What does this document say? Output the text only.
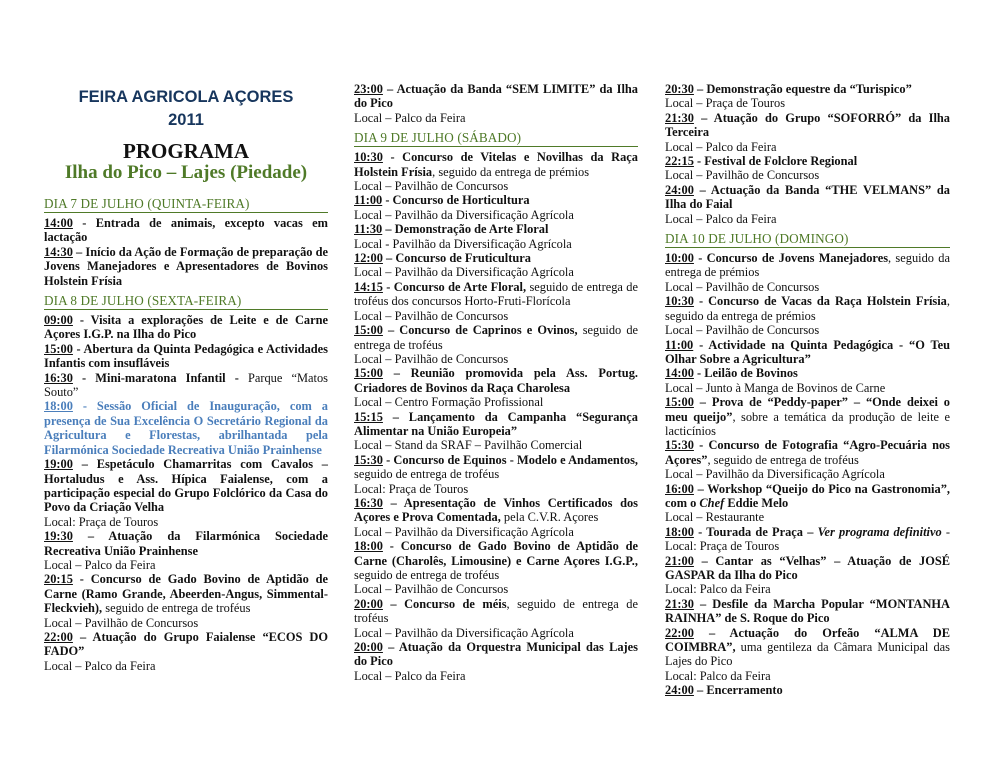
FEIRA AGRICOLA AÇORES
2011
PROGRAMA
Ilha do Pico – Lajes (Piedade)
DIA 7 DE JULHO (QUINTA-FEIRA)
14:00 - Entrada de animais, excepto vacas em lactação
14:30 – Início da Ação de Formação de preparação de Jovens Manejadores e Apresentadores de Bovinos Holstein Frísia
DIA 8 DE JULHO (SEXTA-FEIRA)
09:00 - Visita a explorações de Leite e de Carne Açores I.G.P. na Ilha do Pico
15:00 - Abertura da Quinta Pedagógica e Actividades Infantis com insufláveis
16:30 - Mini-maratona Infantil - Parque “Matos Souto”
18:00 - Sessão Oficial de Inauguração, com a presença de Sua Excelência O Secretário Regional da Agricultura e Florestas, abrilhantada pela Filarmónica Sociedade Recreativa União Prainhense
19:00 – Espetáculo Chamarritas com Cavalos – Hortaludus e Ass. Hípica Faialense, com a participação especial do Grupo Folclórico da Casa do Povo da Criação Velha
Local: Praça de Touros
19:30 – Atuação da Filarmónica Sociedade Recreativa União Prainhense
Local – Palco da Feira
20:15 - Concurso de Gado Bovino de Aptidão de Carne (Ramo Grande, Abeerden-Angus, Simmental-Fleckvieh), seguido de entrega de troféus
Local – Pavilhão de Concursos
22:00 – Atuação do Grupo Faialense “ECOS DO FADO”
Local – Palco da Feira
23:00 – Actuação da Banda “SEM LIMITE” da Ilha do Pico
Local – Palco da Feira
DIA 9 DE JULHO (SÁBADO)
10:30 - Concurso de Vitelas e Novilhas da Raça Holstein Frísia, seguido da entrega de prémios
Local – Pavilhão de Concursos
11:00 - Concurso de Horticultura
Local – Pavilhão da Diversificação Agrícola
11:30 – Demonstração de Arte Floral
Local - Pavilhão da Diversificação Agrícola
12:00 – Concurso de Fruticultura
Local – Pavilhão da Diversificação Agrícola
14:15 - Concurso de Arte Floral, seguido de entrega de troféus dos concursos Horto-Fruti-Florícola
Local – Pavilhão de Concursos
15:00 – Concurso de Caprinos e Ovinos, seguido de entrega de troféus
Local – Pavilhão de Concursos
15:00 – Reunião promovida pela Ass. Portug. Criadores de Bovinos da Raça Charolesa
Local – Centro Formação Profissional
15:15 – Lançamento da Campanha “Segurança Alimentar na União Europeia”
Local – Stand da SRAF – Pavilhão Comercial
15:30 - Concurso de Equinos - Modelo e Andamentos, seguido de entrega de troféus
Local: Praça de Touros
16:30 – Apresentação de Vinhos Certificados dos Açores e Prova Comentada, pela C.V.R. Açores
Local – Pavilhão da Diversificação Agrícola
18:00 - Concurso de Gado Bovino de Aptidão de Carne (Charolês, Limousine) e Carne Açores I.G.P., seguido de entrega de troféus
Local – Pavilhão de Concursos
20:00 – Concurso de méis, seguido de entrega de troféus
Local – Pavilhão da Diversificação Agrícola
20:00 – Atuação da Orquestra Municipal das Lajes do Pico
Local – Palco da Feira
20:30 – Demonstração equestre da “Turispico”
Local – Praça de Touros
21:30 – Atuação do Grupo “SOFORRÓ” da Ilha Terceira
Local – Palco da Feira
22:15 - Festival de Folclore Regional
Local – Pavilhão de Concursos
24:00 – Actuação da Banda “THE VELMANS” da Ilha do Faial
Local – Palco da Feira
DIA 10 DE JULHO (DOMINGO)
10:00 - Concurso de Jovens Manejadores, seguido da entrega de prémios
Local – Pavilhão de Concursos
10:30 - Concurso de Vacas da Raça Holstein Frísia, seguido da entrega de prémios
Local – Pavilhão de Concursos
11:00 - Actividade na Quinta Pedagógica - “O Teu Olhar Sobre a Agricultura”
14:00 - Leilão de Bovinos
Local – Junto à Manga de Bovinos de Carne
15:00 – Prova de “Peddy-paper” – “Onde deixei o meu queijo”, sobre a temática da produção de leite e lacticínios
15:30 - Concurso de Fotografia “Agro-Pecuária nos Açores”, seguido de entrega de troféus
Local – Pavilhão da Diversificação Agrícola
16:00 – Workshop “Queijo do Pico na Gastronomia”, com o Chef Eddie Melo
Local – Restaurante
18:00 - Tourada de Praça – Ver programa definitivo - Local: Praça de Touros
21:00 – Cantar as “Velhas” – Atuação de JOSÉ GASPAR da Ilha do Pico
Local: Palco da Feira
21:30 – Desfile da Marcha Popular “MONTANHA RAINHA” de S. Roque do Pico
22:00 – Actuação do Orfeão “ALMA DE COIMBRA”, uma gentileza da Câmara Municipal das Lajes do Pico
Local: Palco da Feira
24:00 – Encerramento
